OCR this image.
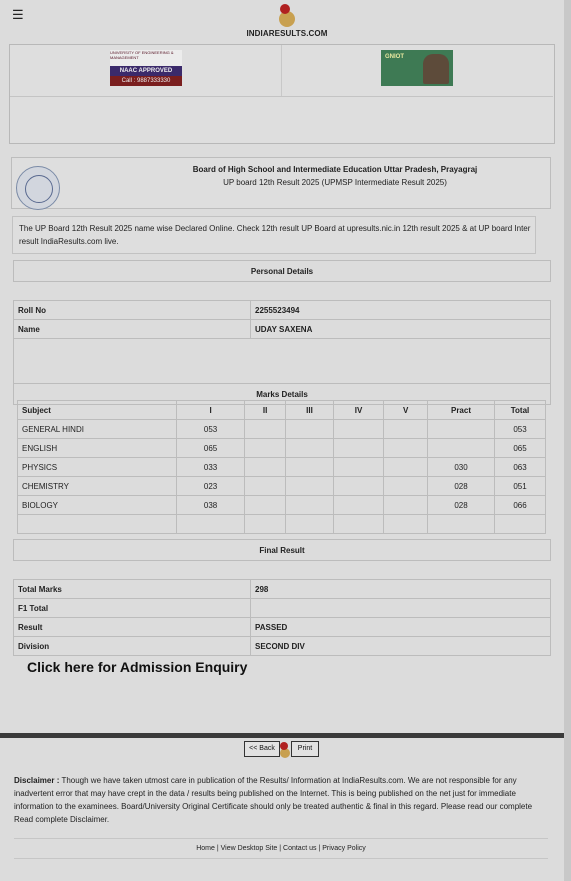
☰
INDIARESULTS.COM
UNIVERSITY OF ENGINEERING & MANAGEMENT
NAAC APPROVED
Call : 9887333330
GNIOT
Board of High School and Intermediate Education Uttar Pradesh, Prayagraj
UP board 12th Result 2025 (UPMSP Intermediate Result 2025)
The UP Board 12th Result 2025 name wise Declared Online. Check 12th result UP Board at upresults.nic.in 12th result 2025 & at UP board Inter result IndiaResults.com live.
Personal Details	

Roll No	2255523494
Name	UDAY SAXENA

Marks Details	
Subject	I	II	III	IV	V	Pract	Total
GENERAL HINDI	053						053
ENGLISH	065						065
PHYSICS	033					030	063
CHEMISTRY	023					028	051
BIOLOGY	038					028	066

Final Result	

Total Marks	298
F1 Total	
Result	PASSED
Division	SECOND DIV
Click here for Admission Enquiry
<< Back	Print
Disclaimer : Though we have taken utmost care in publication of the Results/ Information at IndiaResults.com. We are not responsible for any inadvertent error that may have crept in the data / results being published on the Internet. This is being published on the net just for immediate information to the examinees. Board/University Original Certificate should only be treated authentic & final in this regard. Please read our complete Read complete Disclaimer.
Home | View Desktop Site | Contact us | Privacy Policy
